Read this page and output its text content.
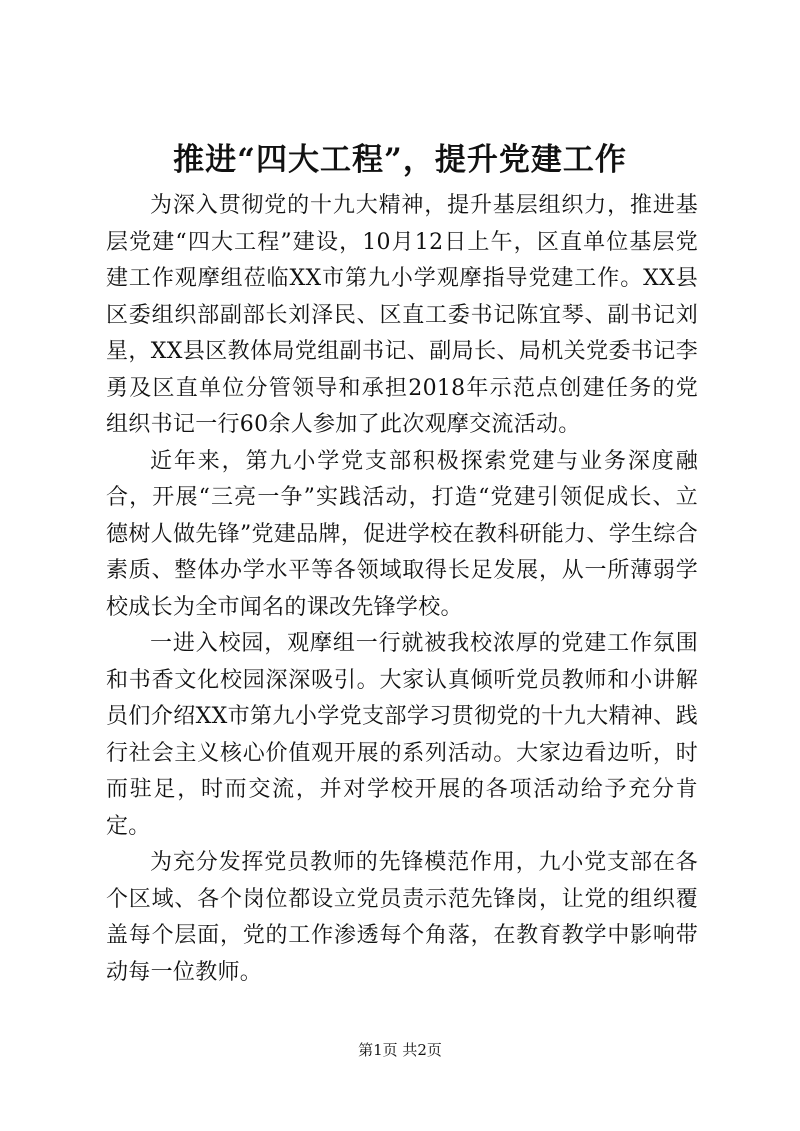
推进“四大工程”，提升党建工作

为深入贯彻党的十九大精神，提升基层组织力，推进基层党建“四大工程”建设，10月12日上午，区直单位基层党建工作观摩组莅临XX市第九小学观摩指导党建工作。XX县区委组织部副部长刘泽民、区直工委书记陈宜琴、副书记刘星，XX县区教体局党组副书记、副局长、局机关党委书记李勇及区直单位分管领导和承担2018年示范点创建任务的党组织书记一行60余人参加了此次观摩交流活动。

近年来，第九小学党支部积极探索党建与业务深度融合，开展“三亮一争”实践活动，打造“党建引领促成长、立德树人做先锋”党建品牌，促进学校在教科研能力、学生综合素质、整体办学水平等各领域取得长足发展，从一所薄弱学校成长为全市闻名的课改先锋学校。

一进入校园，观摩组一行就被我校浓厚的党建工作氛围和书香文化校园深深吸引。大家认真倾听党员教师和小讲解员们介绍XX市第九小学党支部学习贯彻党的十九大精神、践行社会主义核心价值观开展的系列活动。大家边看边听，时而驻足，时而交流，并对学校开展的各项活动给予充分肯定。

为充分发挥党员教师的先锋模范作用，九小党支部在各个区域、各个岗位都设立党员责示范先锋岗，让党的组织覆盖每个层面，党的工作渗透每个角落，在教育教学中影响带动每一位教师。

第1页 共2页
